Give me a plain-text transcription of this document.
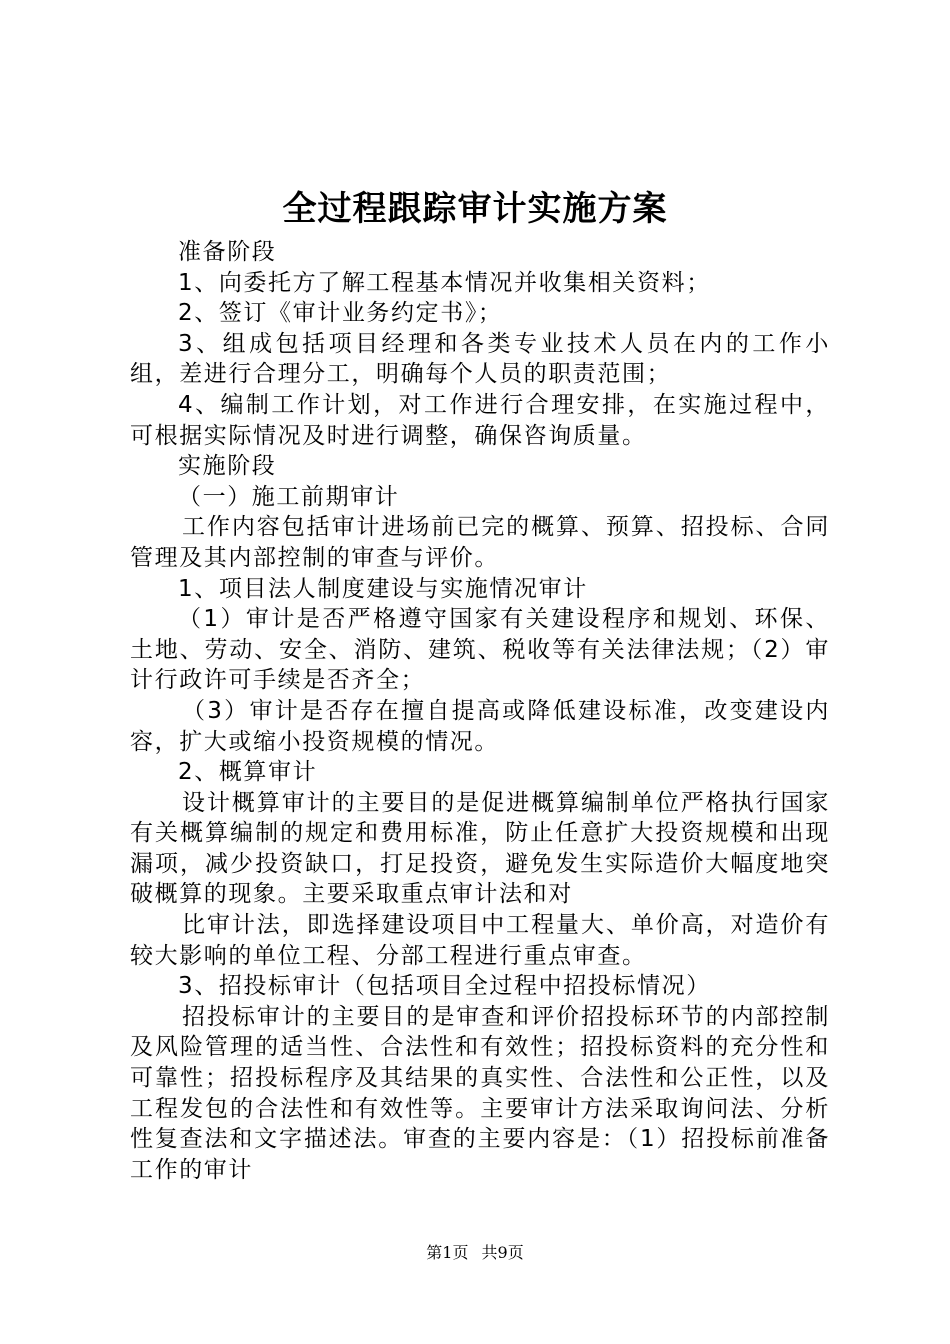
全过程跟踪审计实施方案

准备阶段

1、向委托方了解工程基本情况并收集相关资料；

2、签订《审计业务约定书》；

3、组成包括项目经理和各类专业技术人员在内的工作小组，差进行合理分工，明确每个人员的职责范围；

4、编制工作计划，对工作进行合理安排，在实施过程中，可根据实际情况及时进行调整，确保咨询质量。

实施阶段

（一）施工前期审计

工作内容包括审计进场前已完的概算、预算、招投标、合同管理及其内部控制的审查与评价。

1、项目法人制度建设与实施情况审计

（1）审计是否严格遵守国家有关建设程序和规划、环保、土地、劳动、安全、消防、建筑、税收等有关法律法规；（2）审计行政许可手续是否齐全；

（3）审计是否存在擅自提高或降低建设标准，改变建设内容，扩大或缩小投资规模的情况。

2、概算审计

设计概算审计的主要目的是促进概算编制单位严格执行国家有关概算编制的规定和费用标准，防止任意扩大投资规模和出现漏项，减少投资缺口，打足投资，避免发生实际造价大幅度地突破概算的现象。主要采取重点审计法和对

比审计法，即选择建设项目中工程量大、单价高，对造价有较大影响的单位工程、分部工程进行重点审查。

3、招投标审计（包括项目全过程中招投标情况）

招投标审计的主要目的是审查和评价招投标环节的内部控制及风险管理的适当性、合法性和有效性；招投标资料的充分性和可靠性；招投标程序及其结果的真实性、合法性和公正性，以及工程发包的合法性和有效性等。主要审计方法采取询问法、分析性复查法和文字描述法。审查的主要内容是：（1）招投标前准备工作的审计

第1页 共9页
